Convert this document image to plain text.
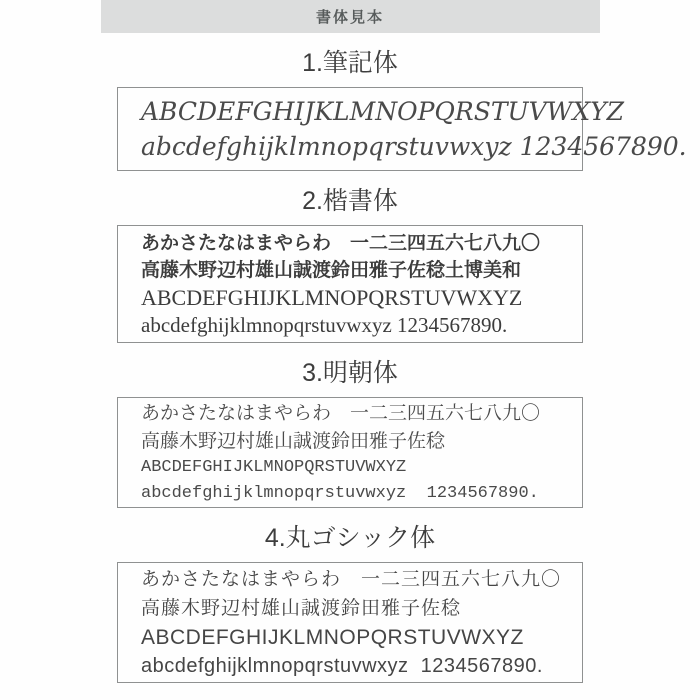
書体見本
1.筆記体
ABCDEFGHIJKLMNOPQRSTUVWXYZ
abcdefghijklmnopqrstuvwxyz 1234567890.
2.楷書体
あかさたなはまやらわ　一二三四五六七八九〇
高藤木野辺村雄山誠渡鈴田雅子佐稔土博美和
ABCDEFGHIJKLMNOPQRSTUVWXYZ
abcdefghijklmnopqrstuvwxyz 1234567890.
3.明朝体
あかさたなはまやらわ　一二三四五六七八九〇
高藤木野辺村雄山誠渡鈴田雅子佐稔
ABCDEFGHIJKLMNOPQRSTUVWXYZ
abcdefghijklmnopqrstuvwxyz  1234567890.
4.丸ゴシック体
あかさたなはまやらわ　一二三四五六七八九〇
高藤木野辺村雄山誠渡鈴田雅子佐稔
ABCDEFGHIJKLMNOPQRSTUVWXYZ
abcdefghijklmnopqrstuvwxyz  1234567890.
